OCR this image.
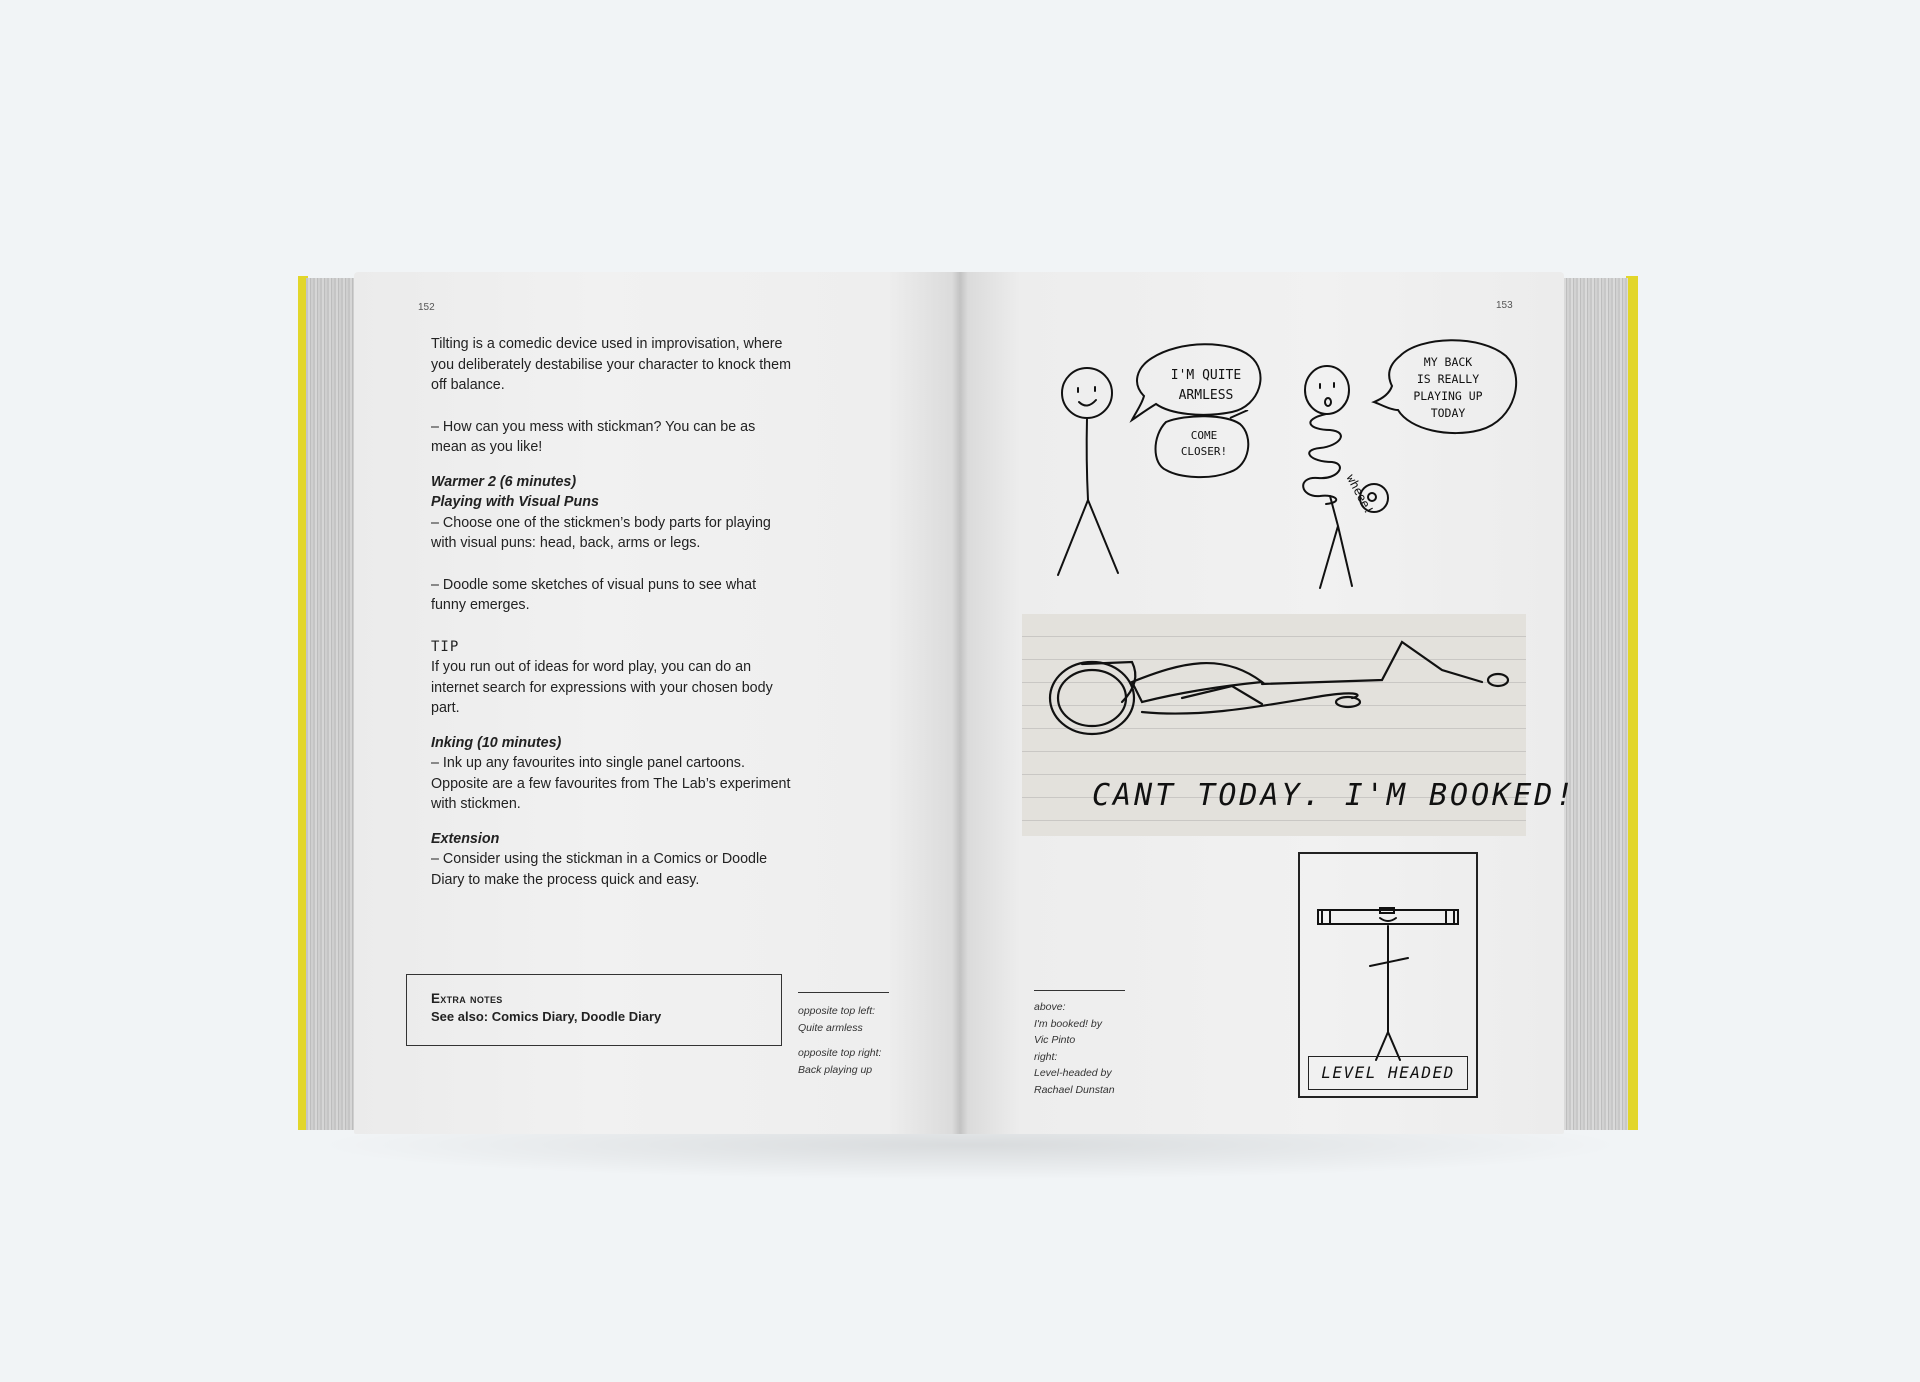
152

Tilting is a comedic device used in improvisation, where you deliberately destabilise your character to knock them off balance.

– How can you mess with stickman? You can be as mean as you like!

Warmer 2 (6 minutes)

Playing with Visual Puns

– Choose one of the stickmen’s body parts for playing with visual puns: head, back, arms or legs.

– Doodle some sketches of visual puns to see what funny emerges.

TIP

If you run out of ideas for word play, you can do an internet search for expressions with your chosen body part.

Inking (10 minutes)

– Ink up any favourites into single panel cartoons. Opposite are a few favourites from The Lab’s experiment with stickmen.

Extension

– Consider using the stickman in a Comics or Doodle Diary to make the process quick and easy.

Extra notes
See also: Comics Diary, Doodle Diary	opposite top left:
Quite armless
opposite top right:
Back playing up
153
I'M QUITE
ARMLESS
COME
CLOSER!
MY BACK
IS REALLY
PLAYING UP
TODAY
wheee!
CANT TODAY. I'M BOOKED!
LEVEL HEADED
above:
I'm booked! by
Vic Pinto
right:
Level-headed by
Rachael Dunstan
